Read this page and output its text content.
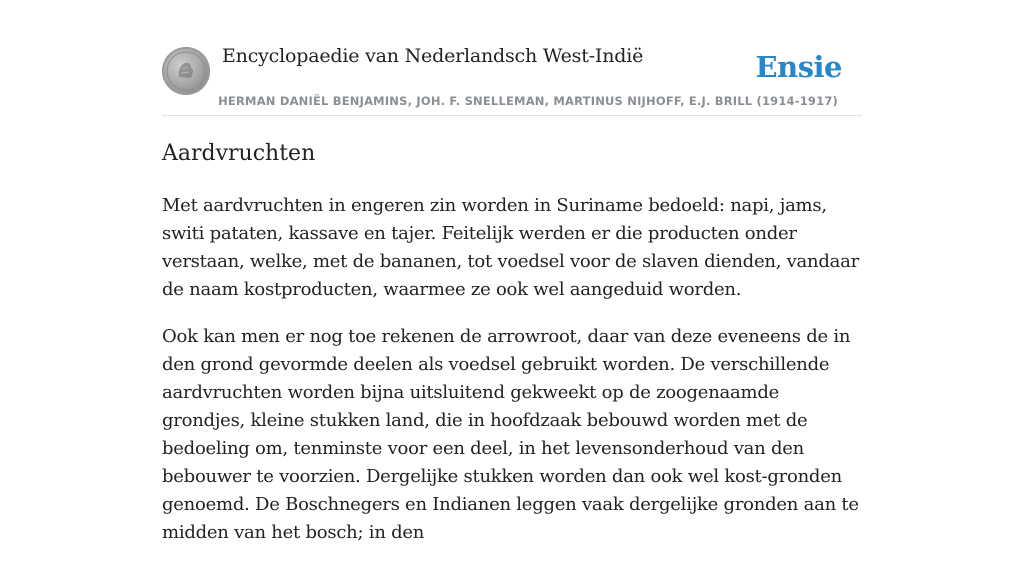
Encyclopaedie van Nederlandsch West-Indië	Ensie
HERMAN DANIËL BENJAMINS, JOH. F. SNELLEMAN, MARTINUS NIJHOFF, E.J. BRILL (1914-1917)
Aardvruchten

Met aardvruchten in engeren zin worden in Suriname bedoeld: napi, jams, switi pataten, kassave en tajer. Feitelijk werden er die producten onder verstaan, welke, met de bananen, tot voedsel voor de slaven dienden, vandaar de naam kostproducten, waarmee ze ook wel aangeduid worden.

Ook kan men er nog toe rekenen de arrowroot, daar van deze eveneens de in den grond gevormde deelen als voedsel gebruikt worden. De verschillende aardvruchten worden bijna uitsluitend gekweekt op de zoogenaamde grondjes, kleine stukken land, die in hoofdzaak bebouwd worden met de bedoeling om, tenminste voor een deel, in het levensonderhoud van den bebouwer te voorzien. Dergelijke stukken worden dan ook wel kost-gronden genoemd. De Boschnegers en Indianen leggen vaak dergelijke gronden aan te midden van het bosch; in den
